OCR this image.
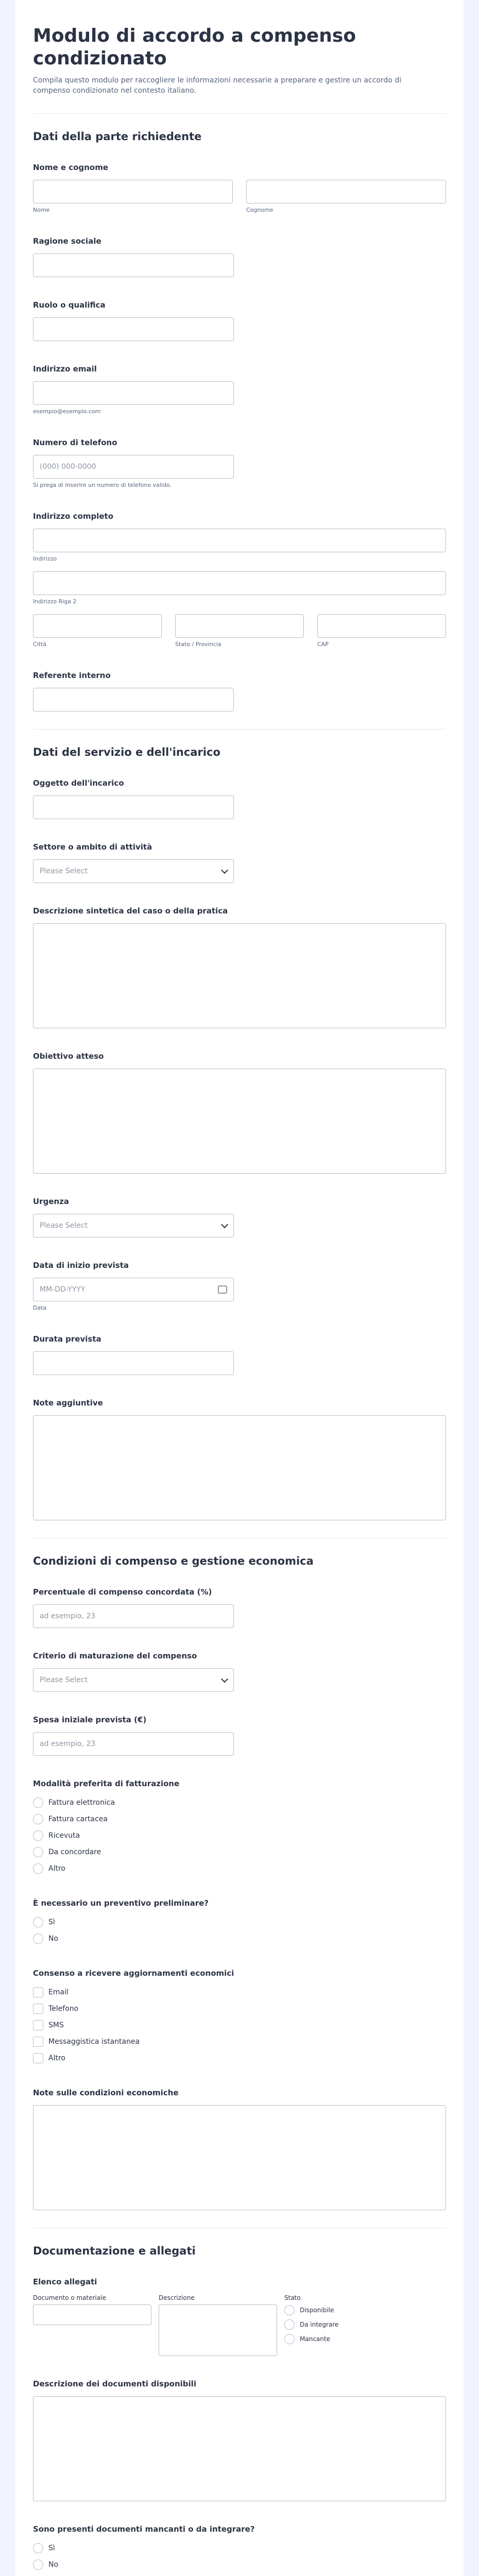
Modulo di accordo a compenso condizionato

Compila questo modulo per raccogliere le informazioni necessarie a preparare e gestire un accordo di compenso condizionato nel contesto italiano.

Dati della parte richiedente
Nome e cognome
Nome	Cognome
Ragione sociale
Ruolo o qualifica
Indirizzo email
esempio@esempio.com
Numero di telefono
(000) 000-0000
Si prega di inserire un numero di telefono valido.
Indirizzo completo
Indirizzo
Indirizzo Riga 2
Città	Stato / Provincia	CAP
Referente interno
Dati del servizio e dell'incarico
Oggetto dell'incarico
Settore o ambito di attività
Please Select
Descrizione sintetica del caso o della pratica
Obiettivo atteso
Urgenza
Please Select
Data di inizio prevista
MM-DD-YYYY
Data
Durata prevista
Note aggiuntive
Condizioni di compenso e gestione economica
Percentuale di compenso concordata (%)
ad esempio, 23
Criterio di maturazione del compenso
Please Select
Spesa iniziale prevista (€)
ad esempio, 23
Modalità preferita di fatturazione
Fattura elettronica
Fattura cartacea
Ricevuta
Da concordare
Altro
È necessario un preventivo preliminare?
Sì
No
Consenso a ricevere aggiornamenti economici
Email
Telefono
SMS
Messaggistica istantanea
Altro
Note sulle condizioni economiche
Documentazione e allegati
Elenco allegati
Documento o materiale	Descrizione	Stato
Disponibile
Da integrare
Mancante
Descrizione dei documenti disponibili
Sono presenti documenti mancanti o da integrare?
Sì
No
